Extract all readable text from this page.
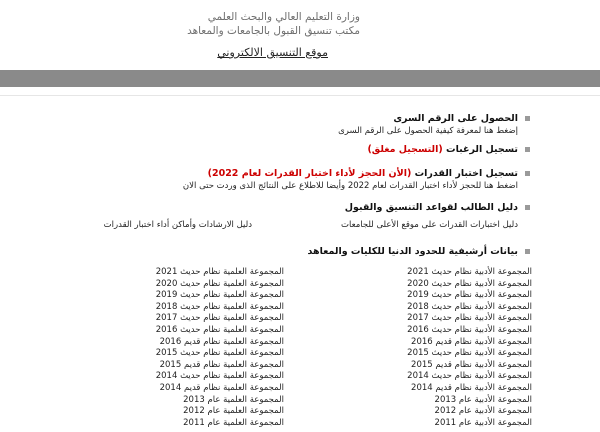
وزارة التعليم العالي والبحث العلمي
مكتب تنسيق القبول بالجامعات والمعاهد
موقع التنسيق الالكتروني
الحصول على الرقم السرى
إضغط هنا لمعرفة كيفية الحصول على الرقم السرى
تسجيل الرغبات (التسجيل مغلق)
تسجيل اختبار القدرات (الأن الحجز لأداء اختبار القدرات لعام 2022)
اضغط هنا للحجز لأداء اختبار القدرات لعام 2022 وأيضا للاطلاع على النتائج الذى وردت حتى الان
دليل الطالب لقواعد التنسيق والقبول
دليل اختبارات القدرات على موقع الأعلى للجامعات
دليل الارشادات وأماكن أداء اختبار القدرات
بيانات أرشيفية للحدود الدنيا للكليات والمعاهد
المجموعة الأدبية نظام حديث 2021
المجموعة الأدبية نظام حديث 2020
المجموعة الأدبية نظام حديث 2019
المجموعة الأدبية نظام حديث 2018
المجموعة الأدبية نظام حديث 2017
المجموعة الأدبية نظام حديث 2016
المجموعة الأدبية نظام قديم 2016
المجموعة الأدبية نظام حديث 2015
المجموعة الأدبية نظام قديم 2015
المجموعة الأدبية نظام حديث 2014
المجموعة الأدبية نظام قديم 2014
المجموعة الأدبية عام 2013
المجموعة الأدبية عام 2012
المجموعة الأدبية عام 2011
المجموعة العلمية نظام حديث 2021
المجموعة العلمية نظام حديث 2020
المجموعة العلمية نظام حديث 2019
المجموعة العلمية نظام حديث 2018
المجموعة العلمية نظام حديث 2017
المجموعة العلمية نظام حديث 2016
المجموعة العلمية نظام قديم 2016
المجموعة العلمية نظام حديث 2015
المجموعة العلمية نظام قديم 2015
المجموعة العلمية نظام حديث 2014
المجموعة العلمية نظام قديم 2014
المجموعة العلمية عام 2013
المجموعة العلمية عام 2012
المجموعة العلمية عام 2011
